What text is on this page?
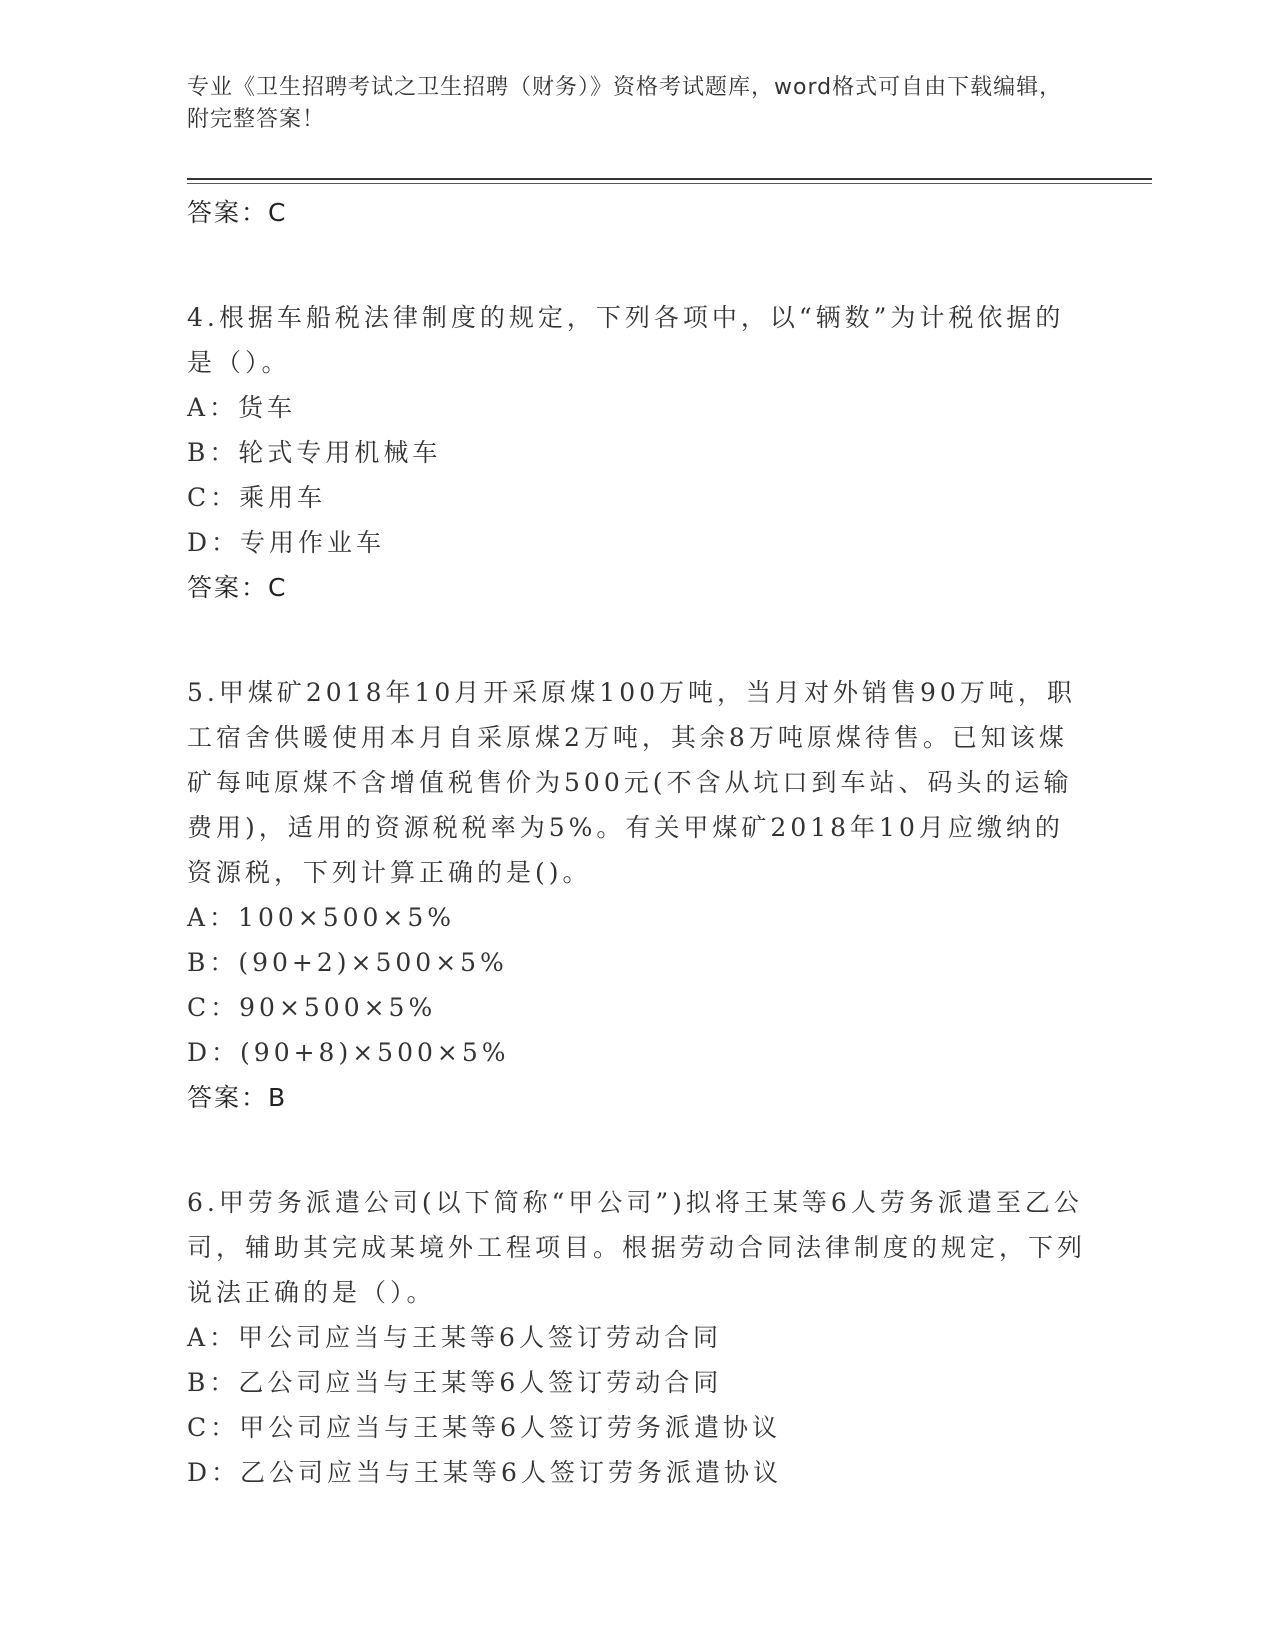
专业《卫生招聘考试之卫生招聘（财务）》资格考试题库，word格式可自由下载编辑，附完整答案！

答案：C

4.根据车船税法律制度的规定，下列各项中，以“辆数”为计税依据的是（）。

A：货车

B：轮式专用机械车

C：乘用车

D：专用作业车

答案：C

5.甲煤矿2018年10月开采原煤100万吨，当月对外销售90万吨，职工宿舍供暖使用本月自采原煤2万吨，其余8万吨原煤待售。已知该煤矿每吨原煤不含增值税售价为500元(不含从坑口到车站、码头的运输费用)，适用的资源税税率为5%。有关甲煤矿2018年10月应缴纳的资源税，下列计算正确的是()。

A：100×500×5%

B：(90+2)×500×5%

C：90×500×5%

D：(90+8)×500×5%

答案：B

6.甲劳务派遣公司(以下简称“甲公司”)拟将王某等6人劳务派遣至乙公司，辅助其完成某境外工程项目。根据劳动合同法律制度的规定，下列说法正确的是（）。

A：甲公司应当与王某等6人签订劳动合同

B：乙公司应当与王某等6人签订劳动合同

C：甲公司应当与王某等6人签订劳务派遣协议

D：乙公司应当与王某等6人签订劳务派遣协议
